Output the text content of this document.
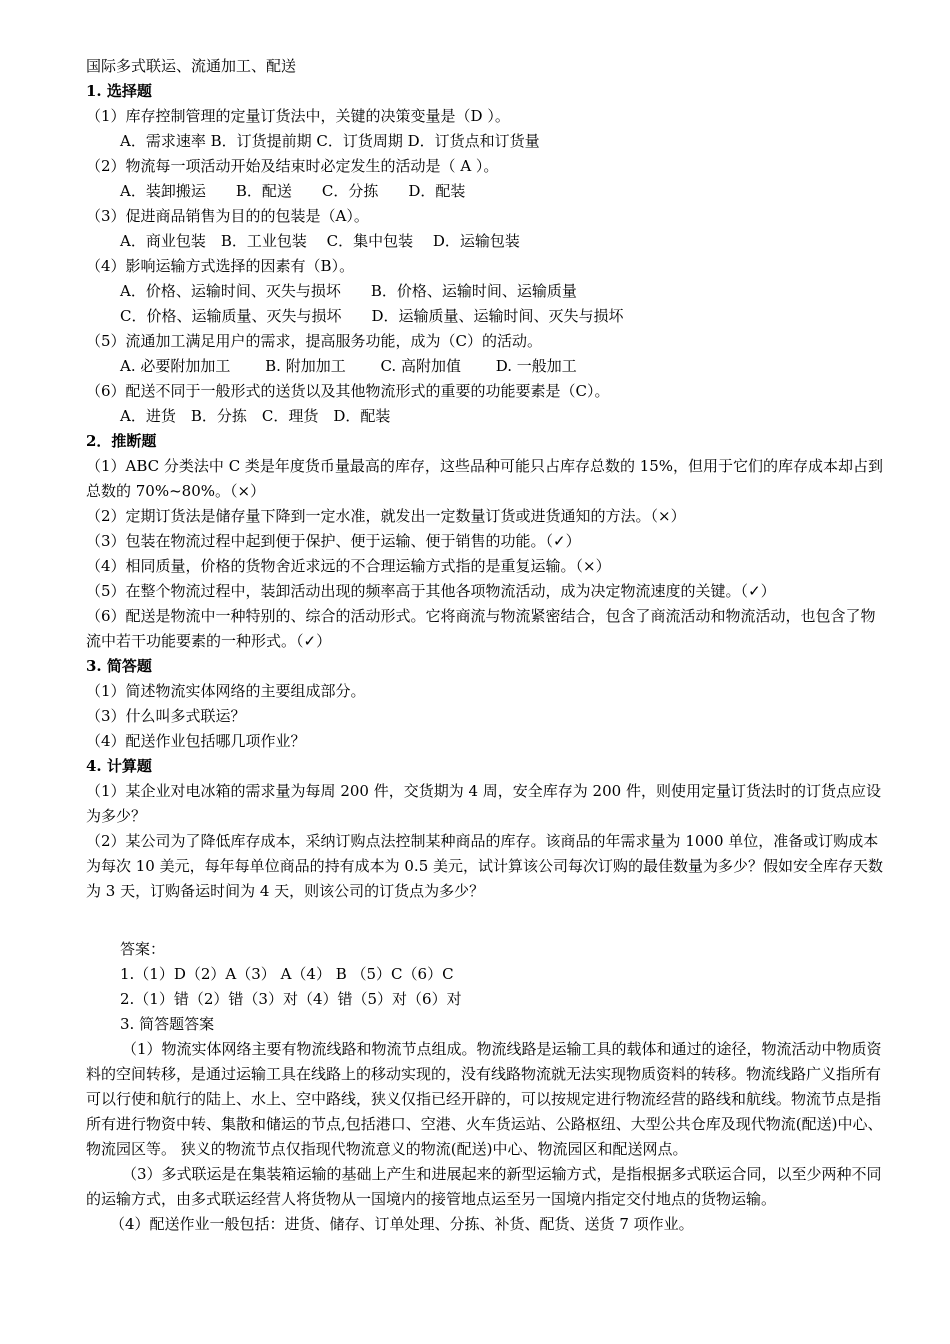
国际多式联运、流通加工、配送
1. 选择题
（1）库存控制管理的定量订货法中，关键的决策变量是（D ）。
A．需求速率 B．订货提前期 C．订货周期 D．订货点和订货量
（2）物流每一项活动开始及结束时必定发生的活动是（ A ）。
A．装卸搬运　　B．配送　　C．分拣　　D．配装
（3）促进商品销售为目的的包装是（A）。
A．商业包装　B．工业包装　 C．集中包装　 D．运输包装
（4）影响运输方式选择的因素有（B）。
A．价格、运输时间、灭失与损坏　　B．价格、运输时间、运输质量
C．价格、运输质量、灭失与损坏　　D．运输质量、运输时间、灭失与损坏
（5）流通加工满足用户的需求，提高服务功能，成为（C）的活动。
A. 必要附加加工　　 B. 附加加工　　 C. 高附加值　　 D. 一般加工
（6）配送不同于一般形式的送货以及其他物流形式的重要的功能要素是（C）。
A．进货　B．分拣　C．理货　D．配装
2．推断题
（1）ABC 分类法中 C 类是年度货币量最高的库存，这些品种可能只占库存总数的 15%，但用于它们的库存成本却占到总数的 70%~80%。（×）
（2）定期订货法是储存量下降到一定水准，就发出一定数量订货或进货通知的方法。（×）
（3）包装在物流过程中起到便于保护、便于运输、便于销售的功能。（✓）
（4）相同质量，价格的货物舍近求远的不合理运输方式指的是重复运输。（×）
（5）在整个物流过程中，装卸活动出现的频率高于其他各项物流活动，成为决定物流速度的关键。（✓）
（6）配送是物流中一种特别的、综合的活动形式。它将商流与物流紧密结合，包含了商流活动和物流活动，也包含了物流中若干功能要素的一种形式。（✓）
3. 简答题
（1）简述物流实体网络的主要组成部分。
（3）什么叫多式联运？
（4）配送作业包括哪几项作业？
4. 计算题
（1）某企业对电冰箱的需求量为每周 200 件，交货期为 4 周，安全库存为 200 件，则使用定量订货法时的订货点应设为多少？
（2）某公司为了降低库存成本，采纳订购点法控制某种商品的库存。该商品的年需求量为 1000 单位，准备或订购成本为每次 10 美元，每年每单位商品的持有成本为 0.5 美元，试计算该公司每次订购的最佳数量为多少？假如安全库存天数为 3 天，订购备运时间为 4 天，则该公司的订货点为多少？
答案：
1.（1）D（2）A（3） A（4） B （5）C（6）C
2.（1）错（2）错（3）对（4）错（5）对（6）对
3. 简答题答案
（1）物流实体网络主要有物流线路和物流节点组成。物流线路是运输工具的载体和通过的途径，物流活动中物质资料的空间转移，是通过运输工具在线路上的移动实现的，没有线路物流就无法实现物质资料的转移。物流线路广义指所有可以行使和航行的陆上、水上、空中路线，狭义仅指已经开辟的，可以按规定进行物流经营的路线和航线。物流节点是指所有进行物资中转、集散和储运的节点,包括港口、空港、火车货运站、公路枢纽、大型公共仓库及现代物流(配送)中心、物流园区等。 狭义的物流节点仅指现代物流意义的物流(配送)中心、物流园区和配送网点。
（3）多式联运是在集装箱运输的基础上产生和进展起来的新型运输方式，是指根据多式联运合同，以至少两种不同的运输方式，由多式联运经营人将货物从一国境内的接管地点运至另一国境内指定交付地点的货物运输。
（4）配送作业一般包括：进货、储存、订单处理、分拣、补货、配货、送货 7 项作业。
